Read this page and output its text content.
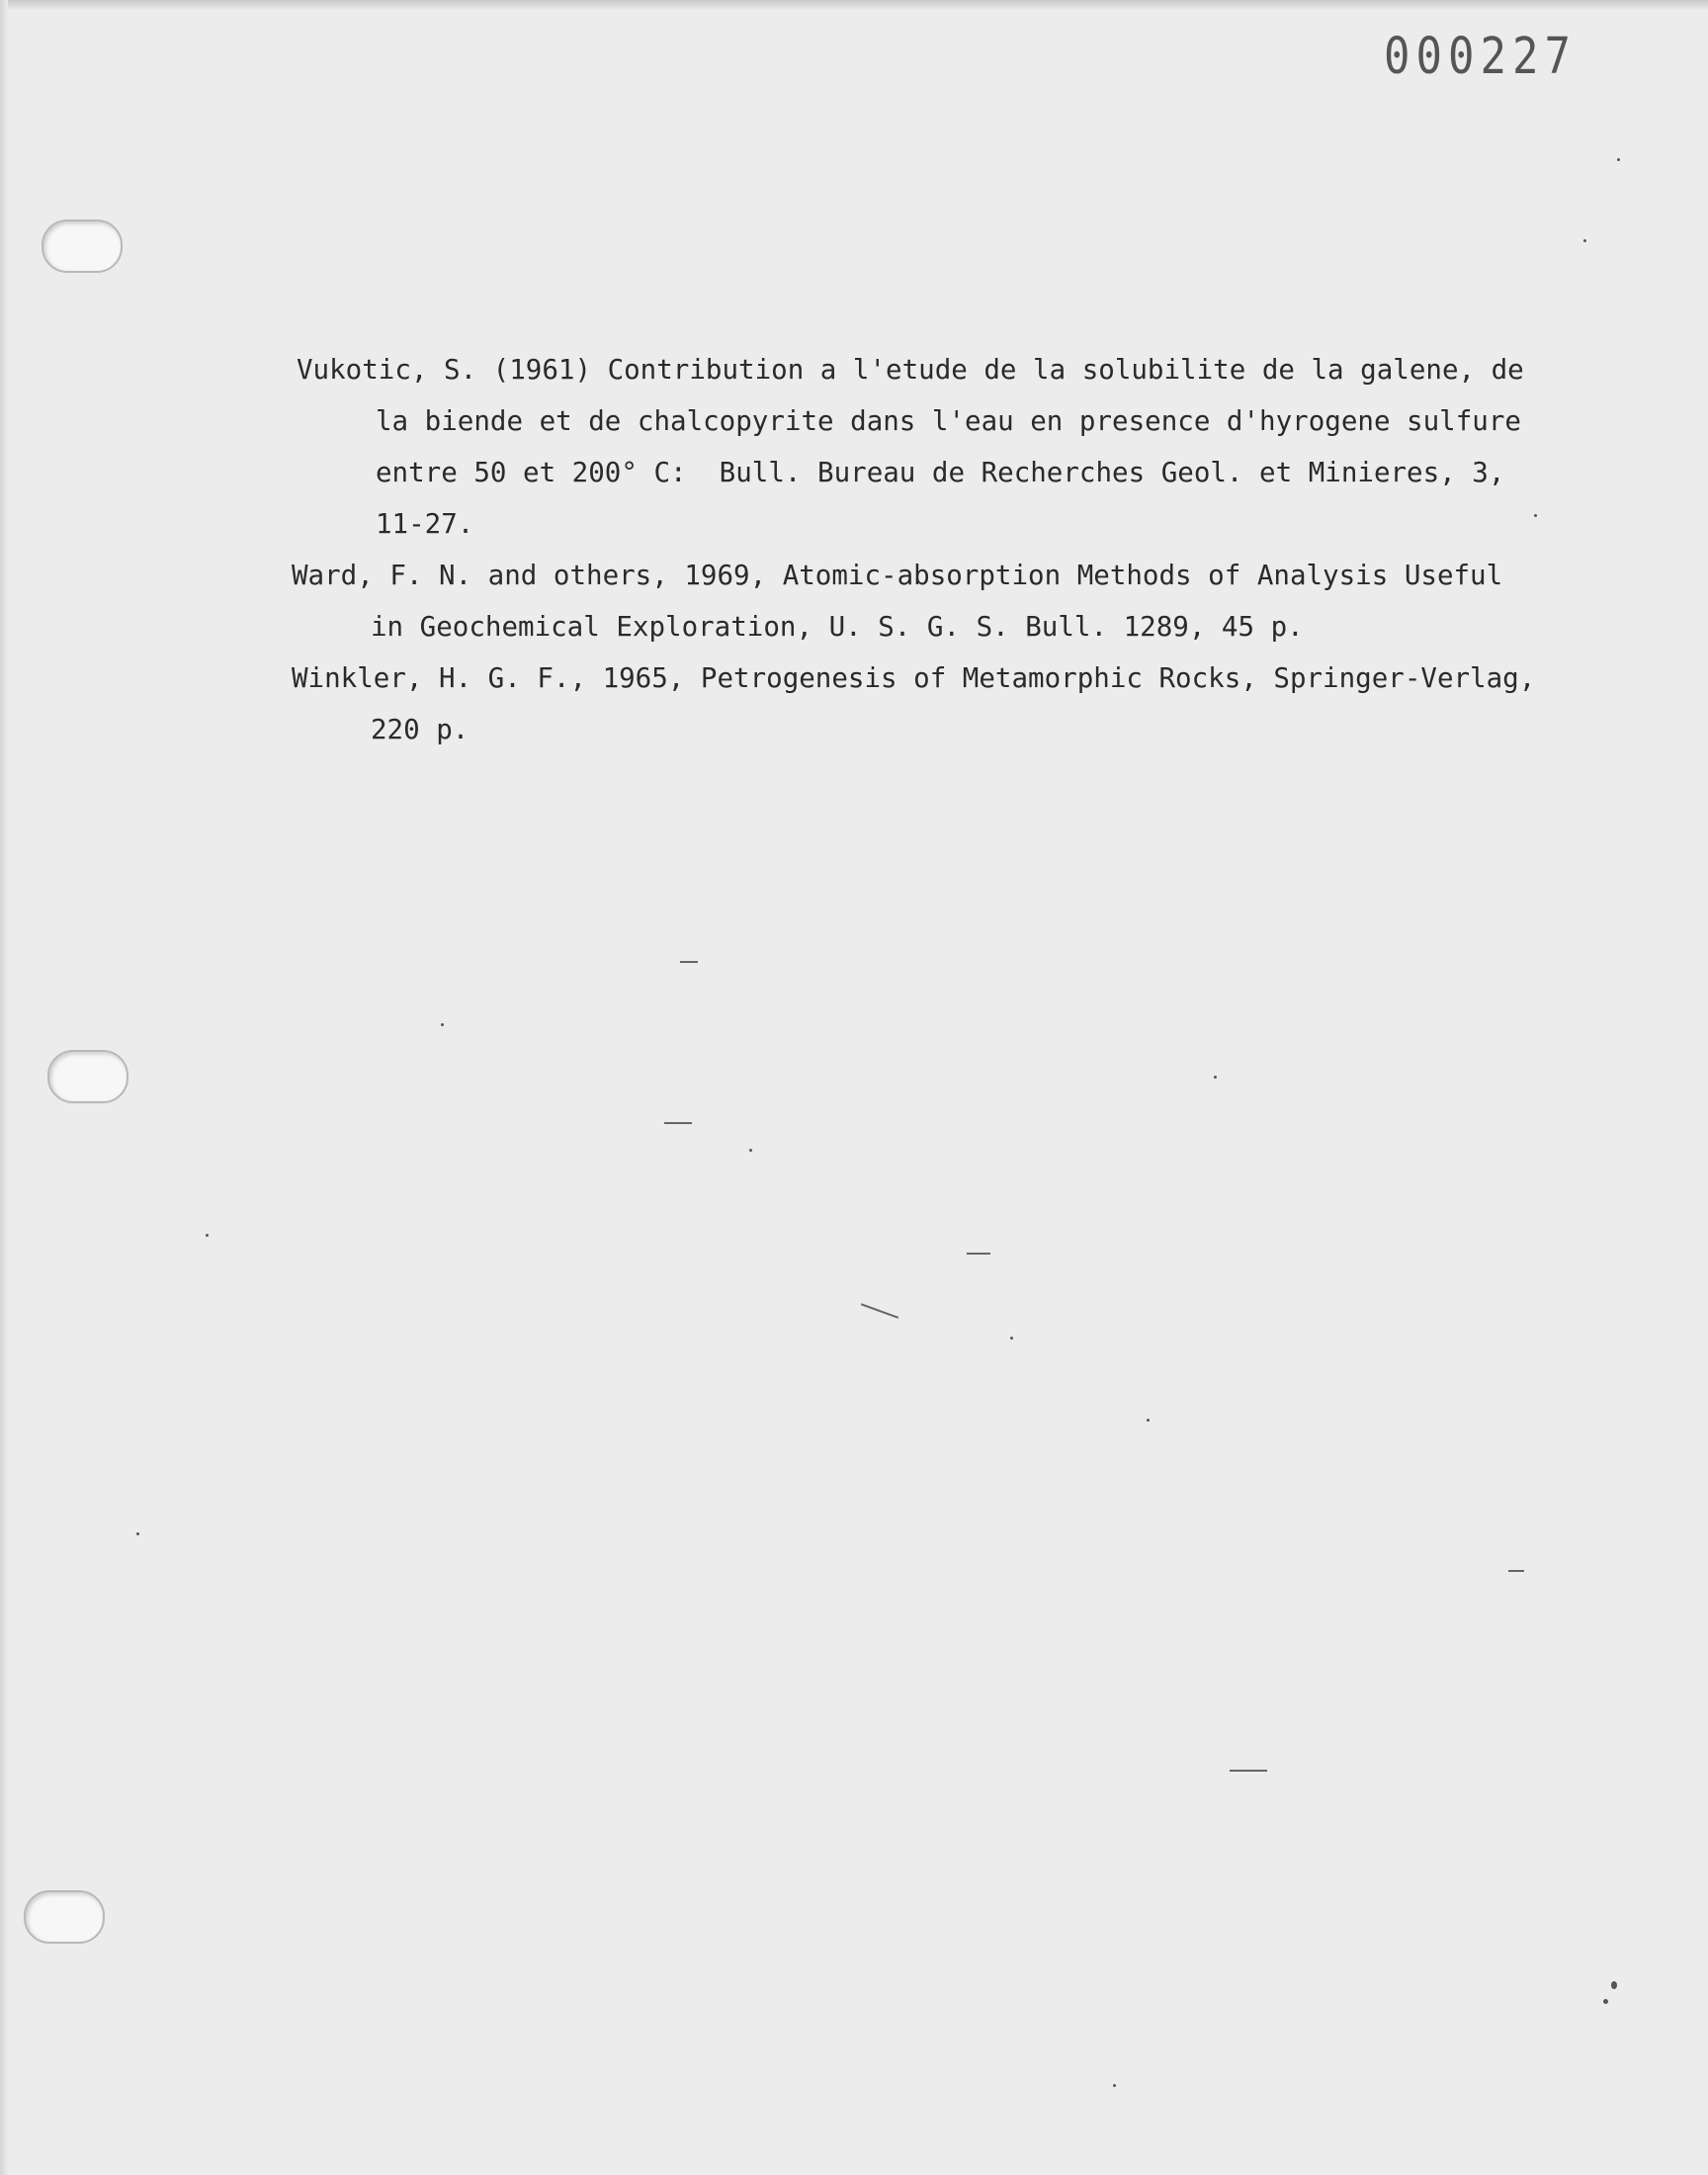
000227

Vukotic, S. (1961) Contribution a l'etude de la solubilite de la galene, de la biende et de chalcopyrite dans l'eau en presence d'hyrogene sulfure entre 50 et 200° C:  Bull. Bureau de Recherches Geol. et Minieres, 3, 11-27.

Ward, F. N. and others, 1969, Atomic-absorption Methods of Analysis Useful in Geochemical Exploration, U. S. G. S. Bull. 1289, 45 p.

Winkler, H. G. F., 1965, Petrogenesis of Metamorphic Rocks, Springer-Verlag, 220 p.
